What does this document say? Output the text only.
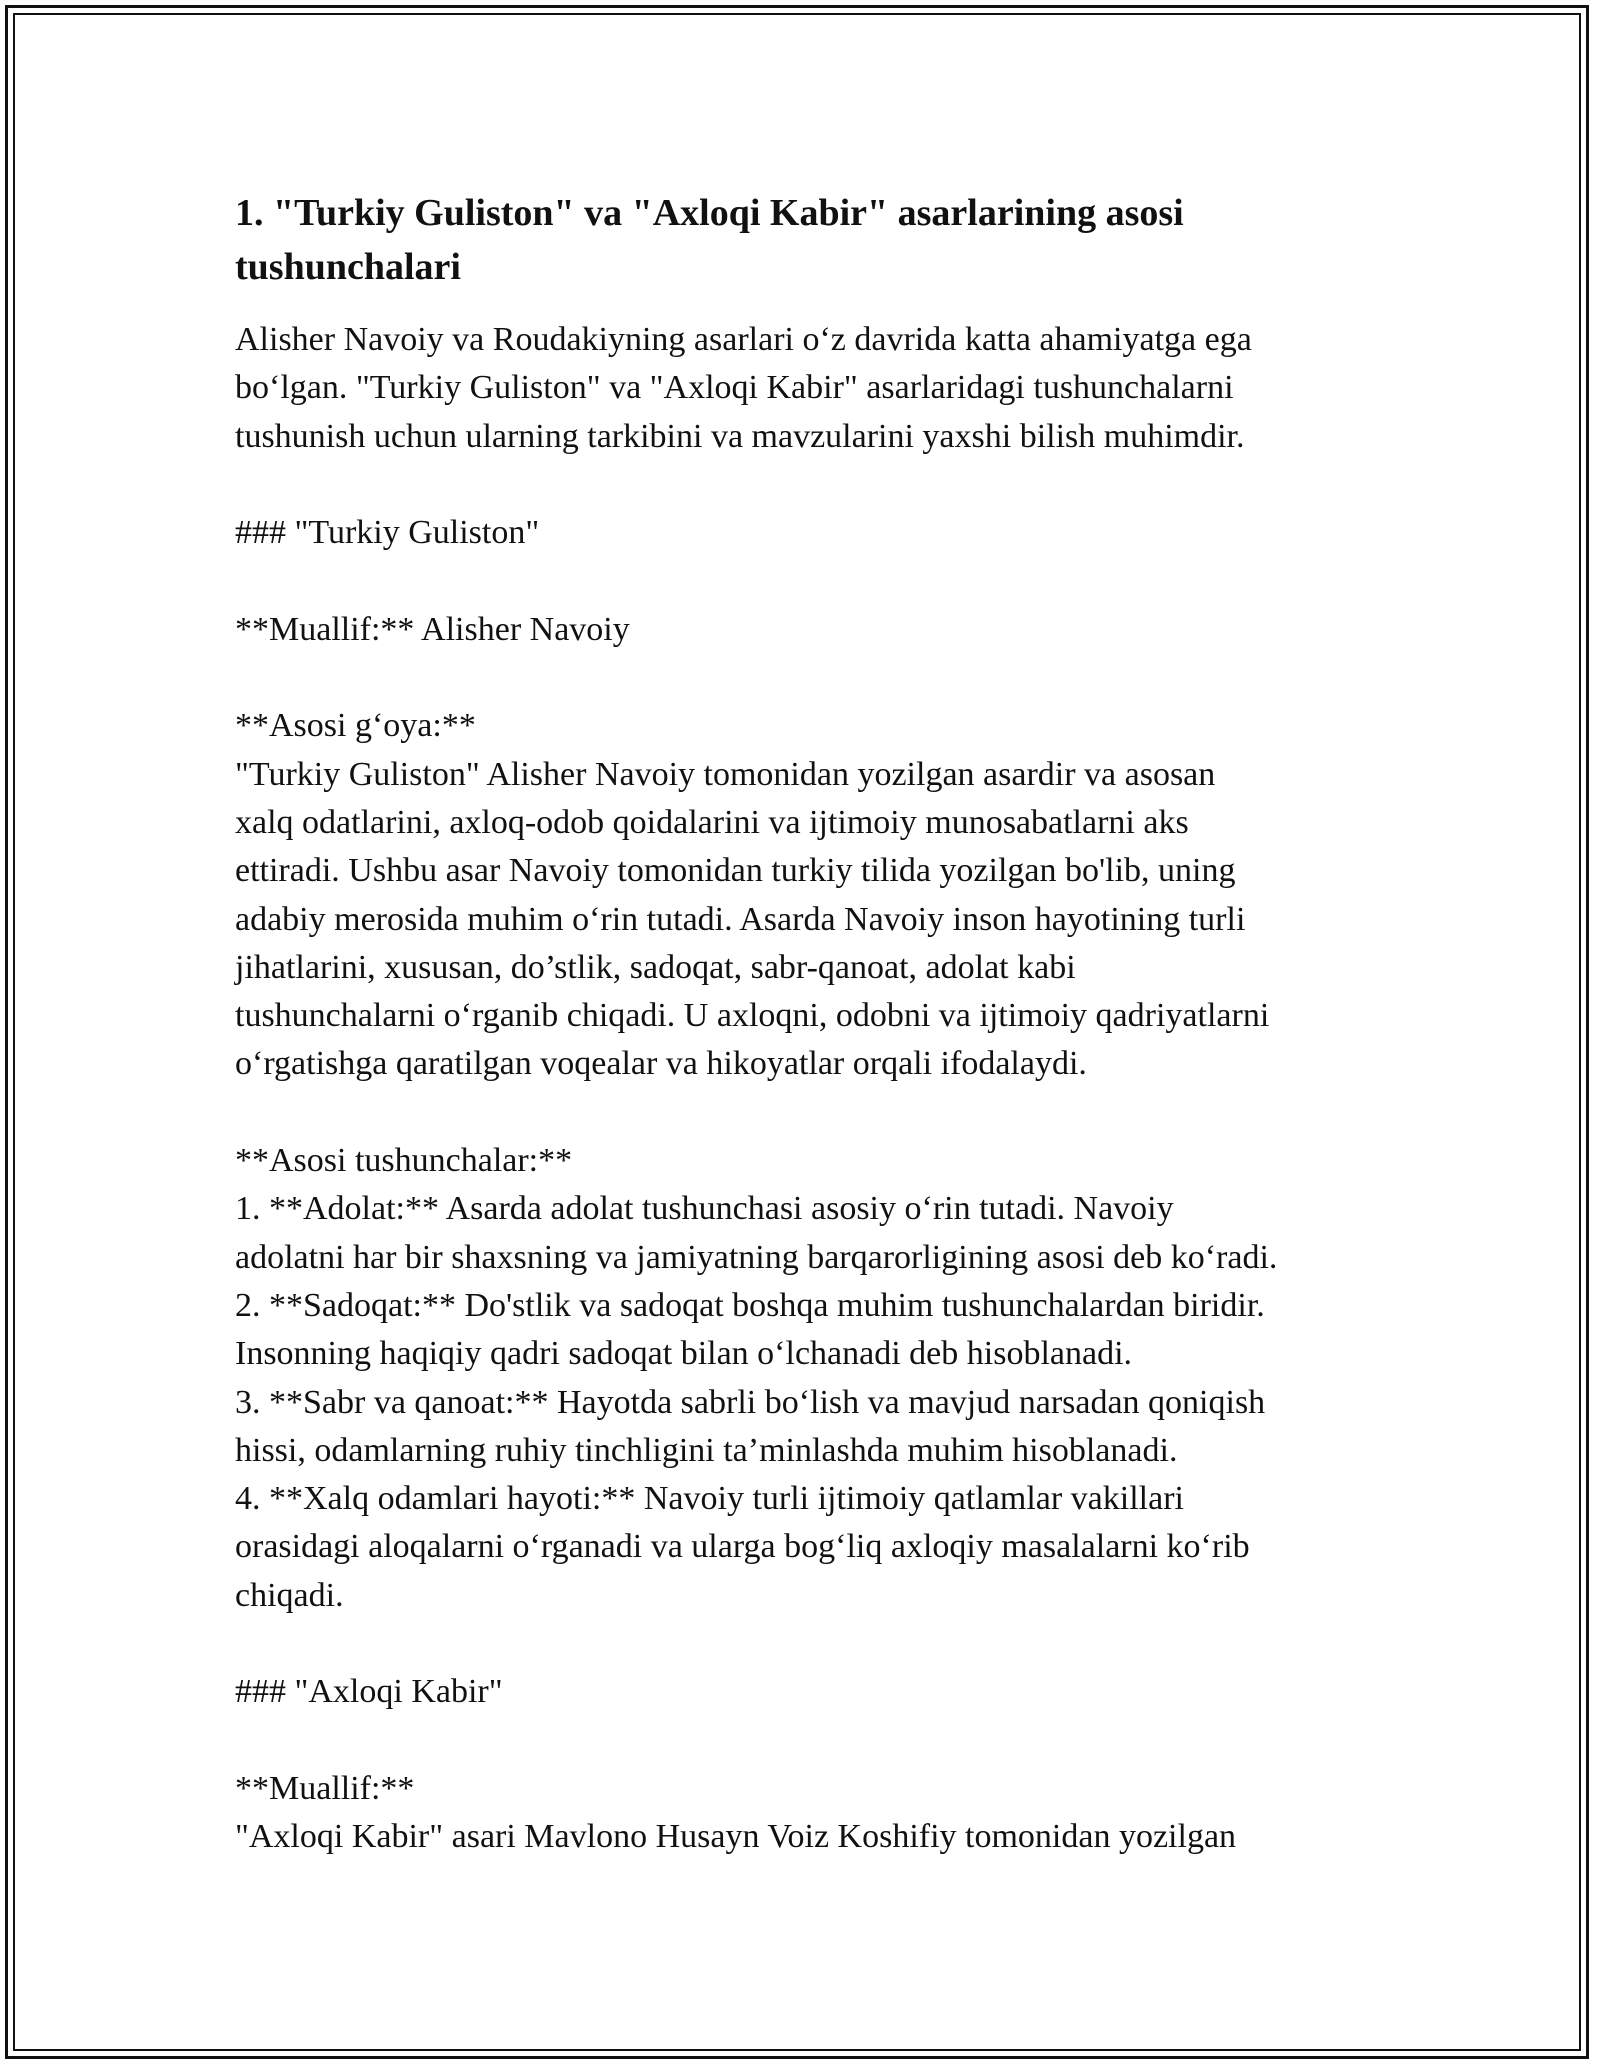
1. "Turkiy Guliston" va "Axloqi Kabir" asarlarining asosi
tushunchalari
Alisher Navoiy va Roudakiyning asarlari o‘z davrida katta ahamiyatga ega
bo‘lgan. "Turkiy Guliston" va "Axloqi Kabir" asarlaridagi tushunchalarni
tushunish uchun ularning tarkibini va mavzularini yaxshi bilish muhimdir.
### "Turkiy Guliston"
**Muallif:** Alisher Navoiy
**Asosi g‘oya:**
"Turkiy Guliston" Alisher Navoiy tomonidan yozilgan asardir va asosan
xalq odatlarini, axloq-odob qoidalarini va ijtimoiy munosabatlarni aks
ettiradi. Ushbu asar Navoiy tomonidan turkiy tilida yozilgan bo'lib, uning
adabiy merosida muhim o‘rin tutadi. Asarda Navoiy inson hayotining turli
jihatlarini, xususan, do’stlik, sadoqat, sabr-qanoat, adolat kabi
tushunchalarni o‘rganib chiqadi. U axloqni, odobni va ijtimoiy qadriyatlarni
o‘rgatishga qaratilgan voqealar va hikoyatlar orqali ifodalaydi.
**Asosi tushunchalar:**
1. **Adolat:** Asarda adolat tushunchasi asosiy o‘rin tutadi. Navoiy
adolatni har bir shaxsning va jamiyatning barqarorligining asosi deb ko‘radi.
2. **Sadoqat:** Do'stlik va sadoqat boshqa muhim tushunchalardan biridir.
Insonning haqiqiy qadri sadoqat bilan o‘lchanadi deb hisoblanadi.
3. **Sabr va qanoat:** Hayotda sabrli bo‘lish va mavjud narsadan qoniqish
hissi, odamlarning ruhiy tinchligini ta’minlashda muhim hisoblanadi.
4. **Xalq odamlari hayoti:** Navoiy turli ijtimoiy qatlamlar vakillari
orasidagi aloqalarni o‘rganadi va ularga bog‘liq axloqiy masalalarni ko‘rib
chiqadi.
### "Axloqi Kabir"
**Muallif:**
"Axloqi Kabir" asari Mavlono Husayn Voiz Koshifiy tomonidan yozilgan
